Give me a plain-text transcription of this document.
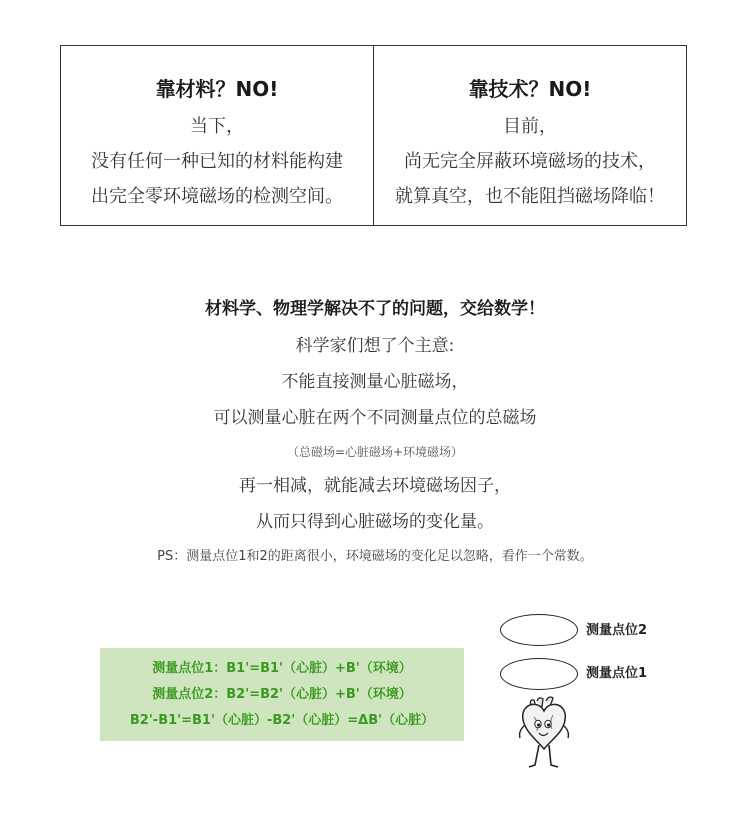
靠材料？NO!
当下，
没有任何一种已知的材料能构建
出完全零环境磁场的检测空间。
靠技术？NO!
目前，
尚无完全屏蔽环境磁场的技术，
就算真空，也不能阻挡磁场降临！
材料学、物理学解决不了的问题，交给数学！
科学家们想了个主意:
不能直接测量心脏磁场，
可以测量心脏在两个不同测量点位的总磁场
（总磁场=心脏磁场+环境磁场）
再一相减，就能减去环境磁场因子，
从而只得到心脏磁场的变化量。
PS：测量点位1和2的距离很小，环境磁场的变化足以忽略，看作一个常数。
测量点位1：B1'=B1'（心脏）+B'（环境）
测量点位2：B2'=B2'（心脏）+B'（环境）
B2'-B1'=B1'（心脏）-B2'（心脏）=ΔB'（心脏）
测量点位2
测量点位1
